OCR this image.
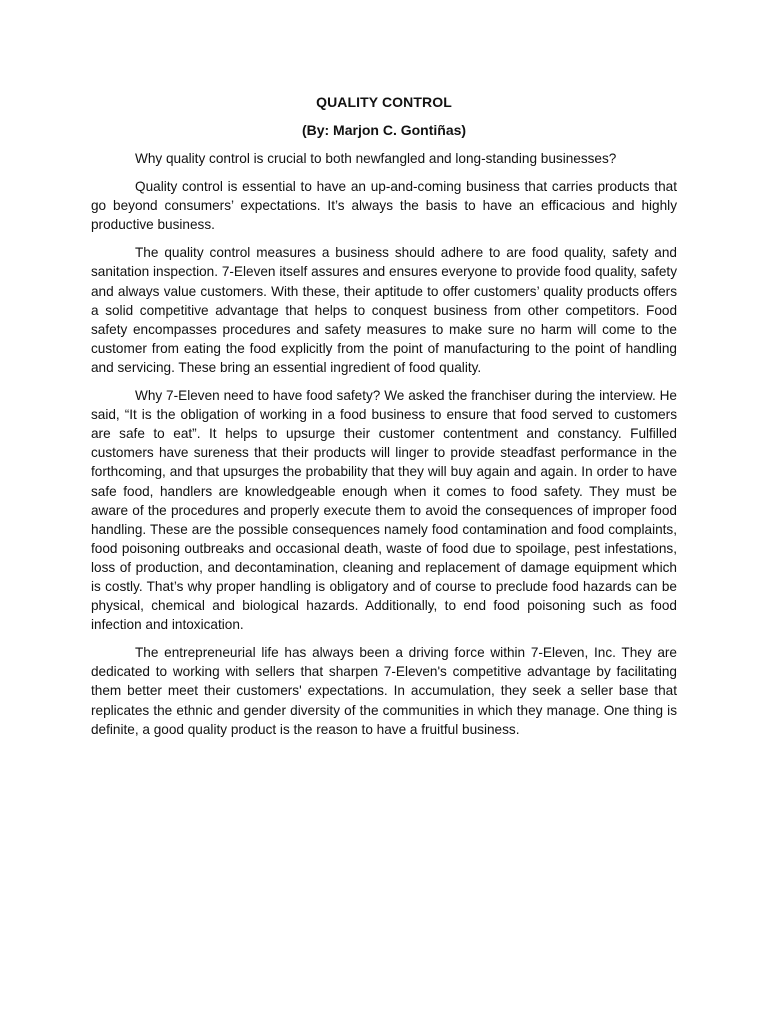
QUALITY CONTROL

(By: Marjon C. Gontiñas)

Why quality control is crucial to both newfangled and long-standing businesses?

Quality control is essential to have an up-and-coming business that carries products that go beyond consumers’ expectations. It’s always the basis to have an efficacious and highly productive business.

The quality control measures a business should adhere to are food quality, safety and sanitation inspection. 7-Eleven itself assures and ensures everyone to provide food quality, safety and always value customers. With these, their aptitude to offer customers’ quality products offers a solid competitive advantage that helps to conquest business from other competitors. Food safety encompasses procedures and safety measures to make sure no harm will come to the customer from eating the food explicitly from the point of manufacturing to the point of handling and servicing. These bring an essential ingredient of food quality.

Why 7-Eleven need to have food safety? We asked the franchiser during the interview. He said, “It is the obligation of working in a food business to ensure that food served to customers are safe to eat”. It helps to upsurge their customer contentment and constancy. Fulfilled customers have sureness that their products will linger to provide steadfast performance in the forthcoming, and that upsurges the probability that they will buy again and again. In order to have safe food, handlers are knowledgeable enough when it comes to food safety. They must be aware of the procedures and properly execute them to avoid the consequences of improper food handling. These are the possible consequences namely food contamination and food complaints, food poisoning outbreaks and occasional death, waste of food due to spoilage, pest infestations, loss of production, and decontamination, cleaning and replacement of damage equipment which is costly. That’s why proper handling is obligatory and of course to preclude food hazards can be physical, chemical and biological hazards. Additionally, to end food poisoning such as food infection and intoxication.

The entrepreneurial life has always been a driving force within 7-Eleven, Inc. They are dedicated to working with sellers that sharpen 7-Eleven's competitive advantage by facilitating them better meet their customers' expectations. In accumulation, they seek a seller base that replicates the ethnic and gender diversity of the communities in which they manage. One thing is definite, a good quality product is the reason to have a fruitful business.
